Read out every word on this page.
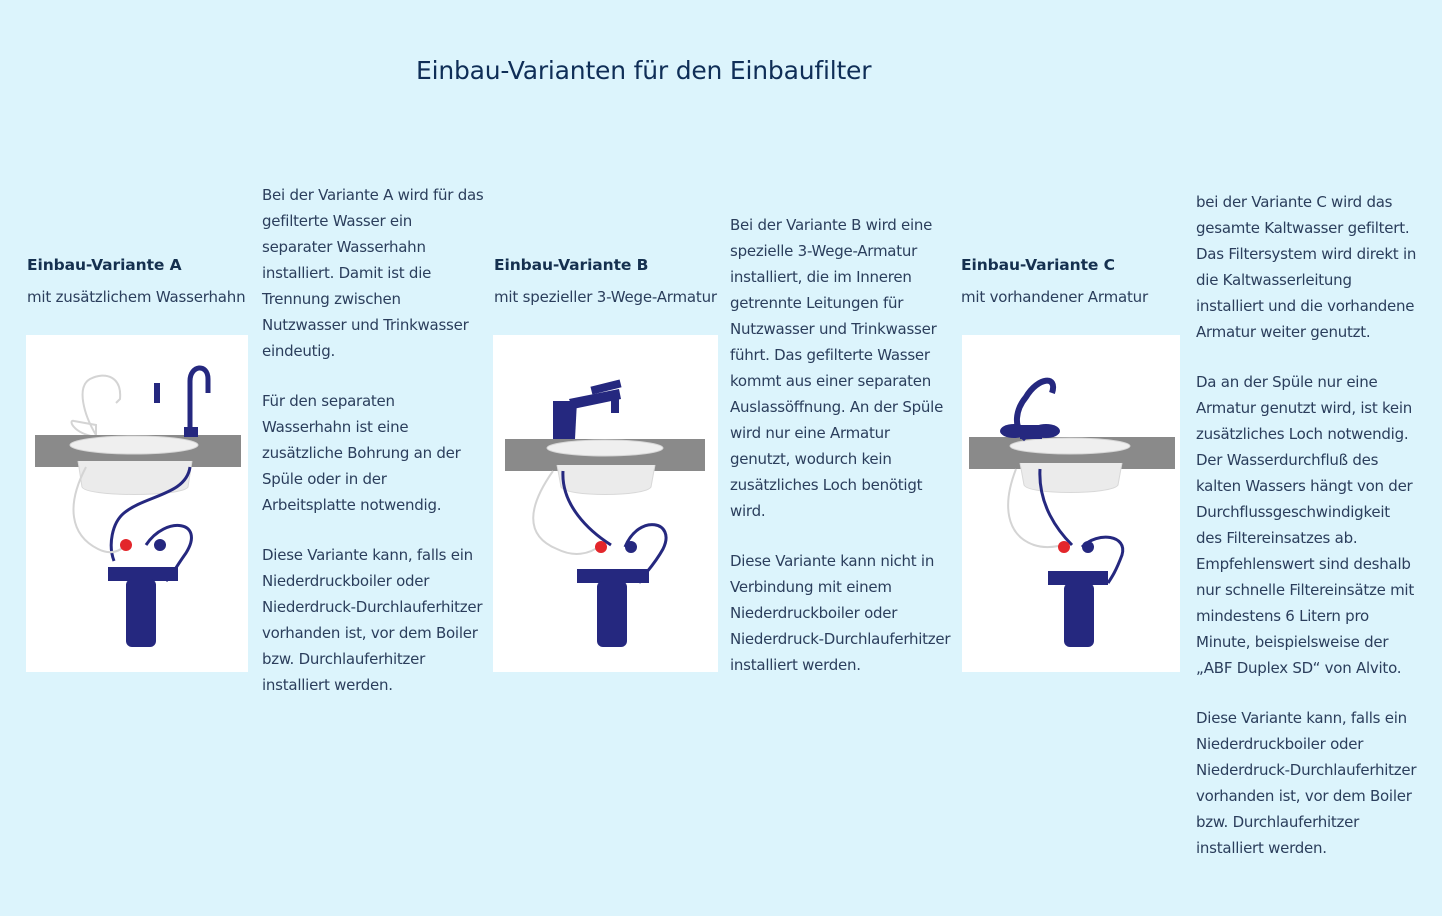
Einbau-Varianten für den Einbaufilter
Einbau-Variante A

mit zusätzlichem Wasserhahn

Bei der Variante A wird für das gefilterte Wasser ein separater Wasserhahn installiert. Damit ist die Trennung zwischen Nutzwasser und Trinkwasser eindeutig.

Für den separaten Wasserhahn ist eine zusätzliche Bohrung an der Spüle oder in der Arbeitsplatte notwendig.

Diese Variante kann, falls ein Niederdruckboiler oder Niederdruck-Durchlauferhitzer vorhanden ist, vor dem Boiler bzw. Durchlauferhitzer installiert werden.

Einbau-Variante B

mit spezieller 3-Wege-Armatur

Bei der Variante B wird eine spezielle 3-Wege-Armatur installiert, die im Inneren getrennte Leitungen für Nutzwasser und Trinkwasser führt. Das gefilterte Wasser kommt aus einer separaten Auslassöffnung. An der Spüle wird nur eine Armatur genutzt, wodurch kein zusätzliches Loch benötigt wird.

Diese Variante kann nicht in Verbindung mit einem Niederdruckboiler oder Niederdruck-Durchlauferhitzer installiert werden.

Einbau-Variante C

mit vorhandener Armatur

bei der Variante C wird das gesamte Kaltwasser gefiltert. Das Filtersystem wird direkt in die Kaltwasserleitung installiert und die vorhandene Armatur weiter genutzt.

Da an der Spüle nur eine Armatur genutzt wird, ist kein zusätzliches Loch notwendig. Der Wasserdurchfluß des kalten Wassers hängt von der Durchflussgeschwindigkeit des Filtereinsatzes ab. Empfehlenswert sind deshalb nur schnelle Filtereinsätze mit mindestens 6 Litern pro Minute, beispielsweise der „ABF Duplex SD“ von Alvito.

Diese Variante kann, falls ein Niederdruckboiler oder Niederdruck-Durchlauferhitzer vorhanden ist, vor dem Boiler bzw. Durchlauferhitzer installiert werden.
